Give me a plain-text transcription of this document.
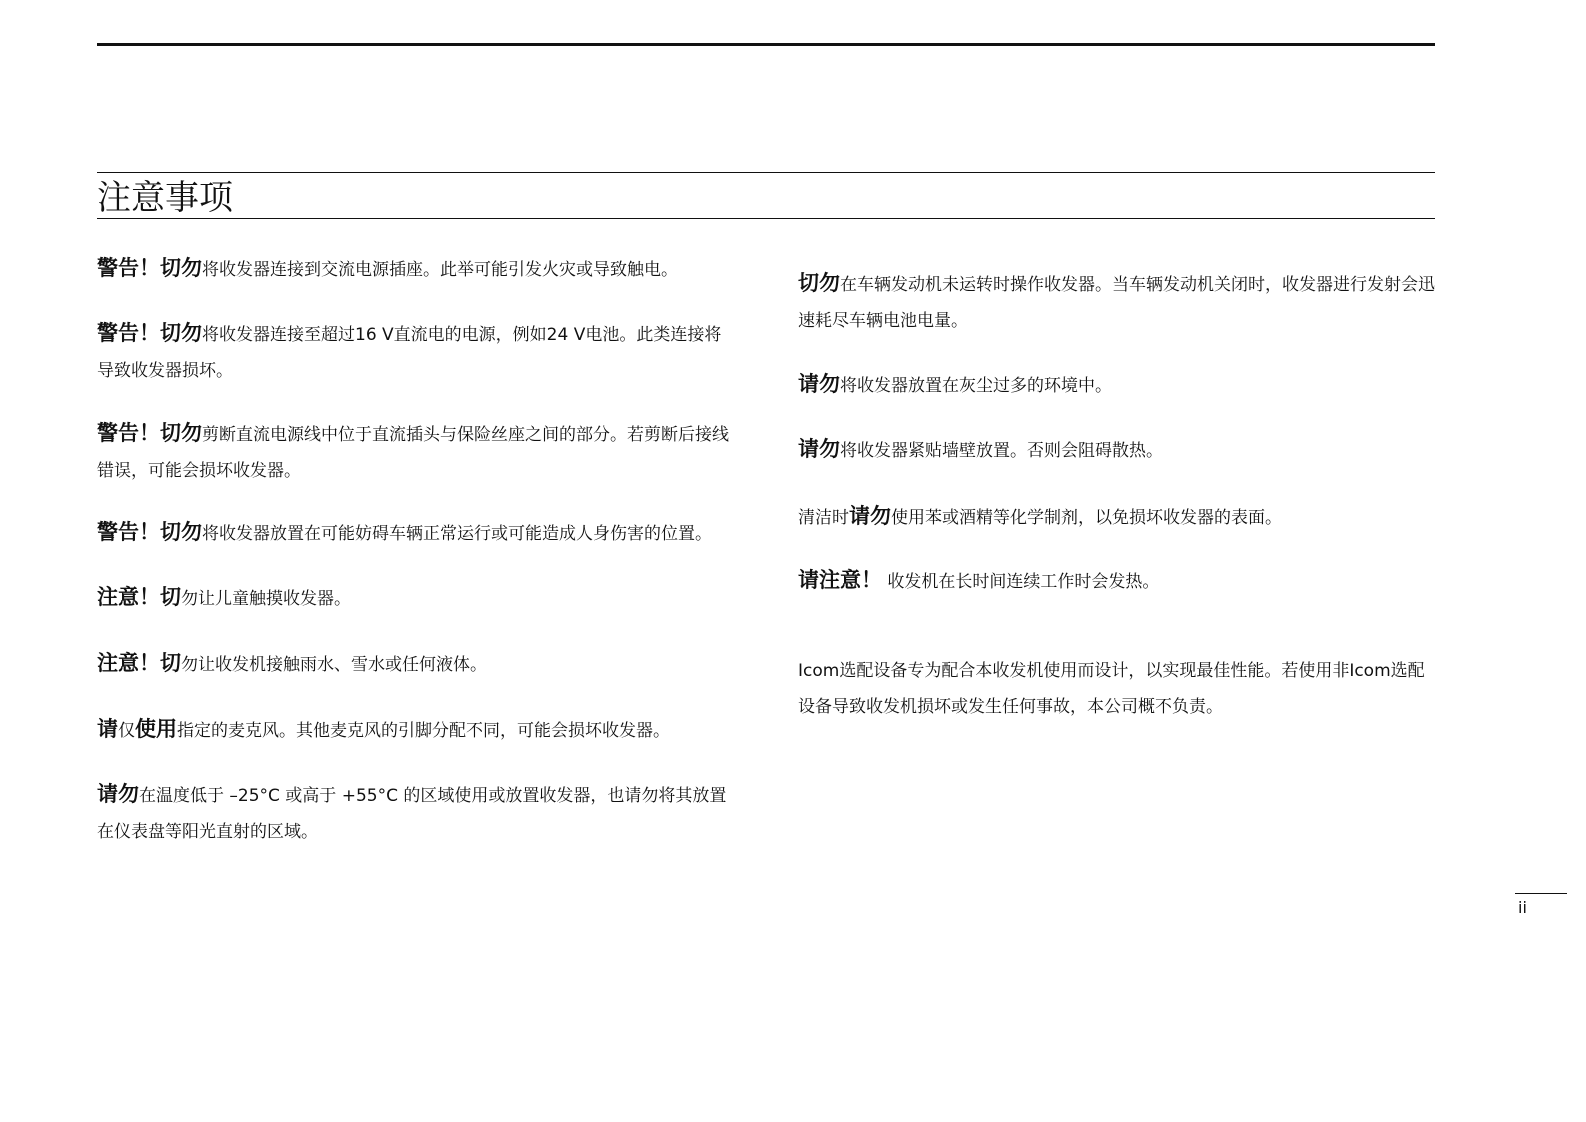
注意事项

警告！切勿将收发器连接到交流电源插座。此举可能引发火灾或导致触电。

警告！切勿将收发器连接至超过16 V直流电的电源，例如24 V电池。此类连接将导致收发器损坏。

警告！切勿剪断直流电源线中位于直流插头与保险丝座之间的部分。若剪断后接线错误，可能会损坏收发器。

警告！切勿将收发器放置在可能妨碍车辆正常运行或可能造成人身伤害的位置。

注意！切勿让儿童触摸收发器。

注意！切勿让收发机接触雨水、雪水或任何液体。

请仅使用指定的麦克风。其他麦克风的引脚分配不同，可能会损坏收发器。

请勿在温度低于 –25°C 或高于 +55°C 的区域使用或放置收发器，也请勿将其放置在仪表盘等阳光直射的区域。

切勿在车辆发动机未运转时操作收发器。当车辆发动机关闭时，收发器进行发射会迅速耗尽车辆电池电量。

请勿将收发器放置在灰尘过多的环境中。

请勿将收发器紧贴墙壁放置。否则会阻碍散热。

清洁时请勿使用苯或酒精等化学制剂，以免损坏收发器的表面。

请注意！ 收发机在长时间连续工作时会发热。

Icom选配设备专为配合本收发机使用而设计，以实现最佳性能。若使用非Icom选配设备导致收发机损坏或发生任何事故，本公司概不负责。

ii
